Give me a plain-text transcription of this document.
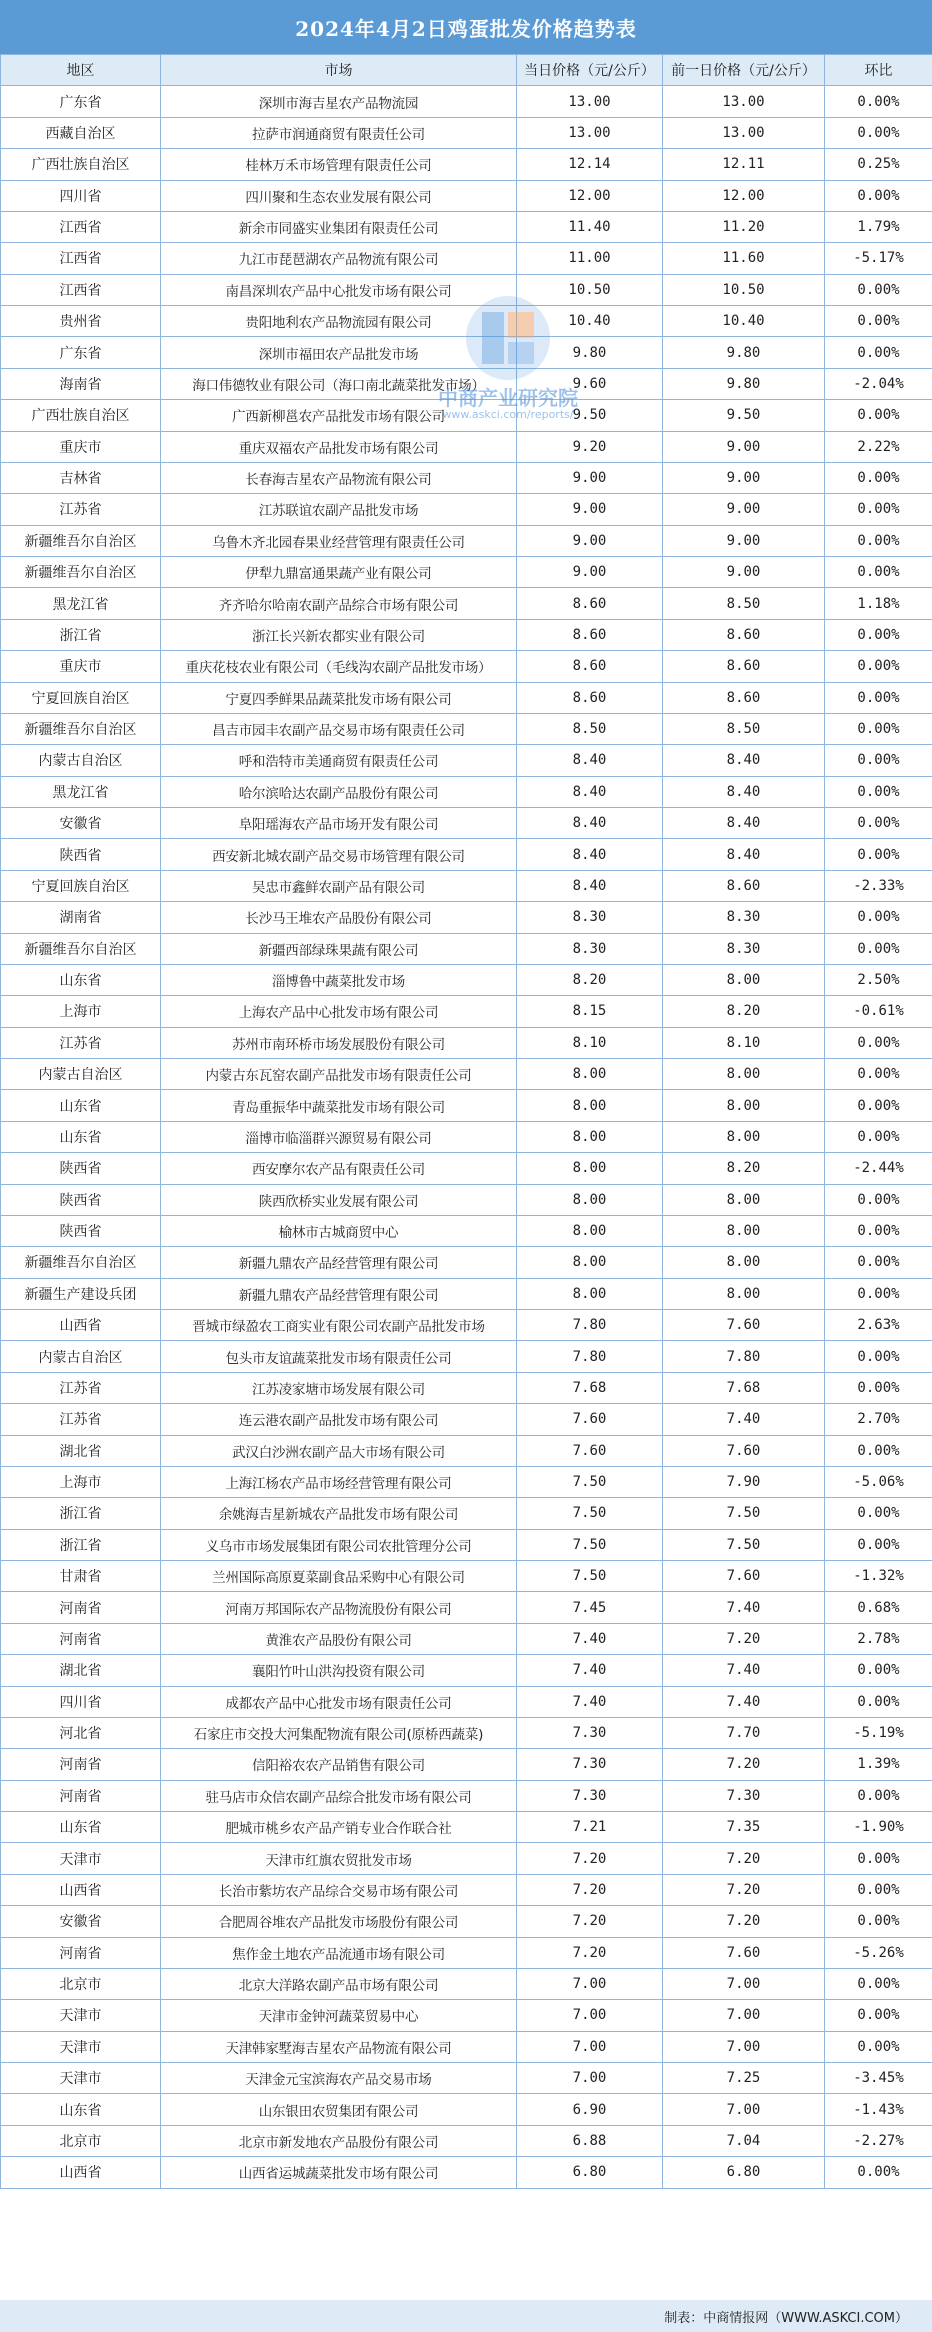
2024年4月2日鸡蛋批发价格趋势表
地区	市场	当日价格（元/公斤）	前一日价格（元/公斤）	环比
广东省	深圳市海吉星农产品物流园	13.00	13.00	0.00%
西藏自治区	拉萨市润通商贸有限责任公司	13.00	13.00	0.00%
广西壮族自治区	桂林万禾市场管理有限责任公司	12.14	12.11	0.25%
四川省	四川聚和生态农业发展有限公司	12.00	12.00	0.00%
江西省	新余市同盛实业集团有限责任公司	11.40	11.20	1.79%
江西省	九江市琵琶湖农产品物流有限公司	11.00	11.60	-5.17%
江西省	南昌深圳农产品中心批发市场有限公司	10.50	10.50	0.00%
贵州省	贵阳地利农产品物流园有限公司	10.40	10.40	0.00%
广东省	深圳市福田农产品批发市场	9.80	9.80	0.00%
海南省	海口伟德牧业有限公司（海口南北蔬菜批发市场）	9.60	9.80	-2.04%
广西壮族自治区	广西新柳邕农产品批发市场有限公司	9.50	9.50	0.00%
重庆市	重庆双福农产品批发市场有限公司	9.20	9.00	2.22%
吉林省	长春海吉星农产品物流有限公司	9.00	9.00	0.00%
江苏省	江苏联谊农副产品批发市场	9.00	9.00	0.00%
新疆维吾尔自治区	乌鲁木齐北园春果业经营管理有限责任公司	9.00	9.00	0.00%
新疆维吾尔自治区	伊犁九鼎富通果蔬产业有限公司	9.00	9.00	0.00%
黑龙江省	齐齐哈尔哈南农副产品综合市场有限公司	8.60	8.50	1.18%
浙江省	浙江长兴新农都实业有限公司	8.60	8.60	0.00%
重庆市	重庆花枝农业有限公司（毛线沟农副产品批发市场）	8.60	8.60	0.00%
宁夏回族自治区	宁夏四季鲜果品蔬菜批发市场有限公司	8.60	8.60	0.00%
新疆维吾尔自治区	昌吉市园丰农副产品交易市场有限责任公司	8.50	8.50	0.00%
内蒙古自治区	呼和浩特市美通商贸有限责任公司	8.40	8.40	0.00%
黑龙江省	哈尔滨哈达农副产品股份有限公司	8.40	8.40	0.00%
安徽省	阜阳瑶海农产品市场开发有限公司	8.40	8.40	0.00%
陕西省	西安新北城农副产品交易市场管理有限公司	8.40	8.40	0.00%
宁夏回族自治区	吴忠市鑫鲜农副产品有限公司	8.40	8.60	-2.33%
湖南省	长沙马王堆农产品股份有限公司	8.30	8.30	0.00%
新疆维吾尔自治区	新疆西部绿珠果蔬有限公司	8.30	8.30	0.00%
山东省	淄博鲁中蔬菜批发市场	8.20	8.00	2.50%
上海市	上海农产品中心批发市场有限公司	8.15	8.20	-0.61%
江苏省	苏州市南环桥市场发展股份有限公司	8.10	8.10	0.00%
内蒙古自治区	内蒙古东瓦窑农副产品批发市场有限责任公司	8.00	8.00	0.00%
山东省	青岛重振华中蔬菜批发市场有限公司	8.00	8.00	0.00%
山东省	淄博市临淄群兴源贸易有限公司	8.00	8.00	0.00%
陕西省	西安摩尔农产品有限责任公司	8.00	8.20	-2.44%
陕西省	陕西欣桥实业发展有限公司	8.00	8.00	0.00%
陕西省	榆林市古城商贸中心	8.00	8.00	0.00%
新疆维吾尔自治区	新疆九鼎农产品经营管理有限公司	8.00	8.00	0.00%
新疆生产建设兵团	新疆九鼎农产品经营管理有限公司	8.00	8.00	0.00%
山西省	晋城市绿盈农工商实业有限公司农副产品批发市场	7.80	7.60	2.63%
内蒙古自治区	包头市友谊蔬菜批发市场有限责任公司	7.80	7.80	0.00%
江苏省	江苏凌家塘市场发展有限公司	7.68	7.68	0.00%
江苏省	连云港农副产品批发市场有限公司	7.60	7.40	2.70%
湖北省	武汉白沙洲农副产品大市场有限公司	7.60	7.60	0.00%
上海市	上海江杨农产品市场经营管理有限公司	7.50	7.90	-5.06%
浙江省	余姚海吉星新城农产品批发市场有限公司	7.50	7.50	0.00%
浙江省	义乌市市场发展集团有限公司农批管理分公司	7.50	7.50	0.00%
甘肃省	兰州国际高原夏菜副食品采购中心有限公司	7.50	7.60	-1.32%
河南省	河南万邦国际农产品物流股份有限公司	7.45	7.40	0.68%
河南省	黄淮农产品股份有限公司	7.40	7.20	2.78%
湖北省	襄阳竹叶山洪沟投资有限公司	7.40	7.40	0.00%
四川省	成都农产品中心批发市场有限责任公司	7.40	7.40	0.00%
河北省	石家庄市交投大河集配物流有限公司(原桥西蔬菜)	7.30	7.70	-5.19%
河南省	信阳裕农农产品销售有限公司	7.30	7.20	1.39%
河南省	驻马店市众信农副产品综合批发市场有限公司	7.30	7.30	0.00%
山东省	肥城市桃乡农产品产销专业合作联合社	7.21	7.35	-1.90%
天津市	天津市红旗农贸批发市场	7.20	7.20	0.00%
山西省	长治市紫坊农产品综合交易市场有限公司	7.20	7.20	0.00%
安徽省	合肥周谷堆农产品批发市场股份有限公司	7.20	7.20	0.00%
河南省	焦作金土地农产品流通市场有限公司	7.20	7.60	-5.26%
北京市	北京大洋路农副产品市场有限公司	7.00	7.00	0.00%
天津市	天津市金钟河蔬菜贸易中心	7.00	7.00	0.00%
天津市	天津韩家墅海吉星农产品物流有限公司	7.00	7.00	0.00%
天津市	天津金元宝滨海农产品交易市场	7.00	7.25	-3.45%
山东省	山东银田农贸集团有限公司	6.90	7.00	-1.43%
北京市	北京市新发地农产品股份有限公司	6.88	7.04	-2.27%
山西省	山西省运城蔬菜批发市场有限公司	6.80	6.80	0.00%
中商产业研究院
www.askci.com/reports/
制表：中商情报网（WWW.ASKCI.COM）
